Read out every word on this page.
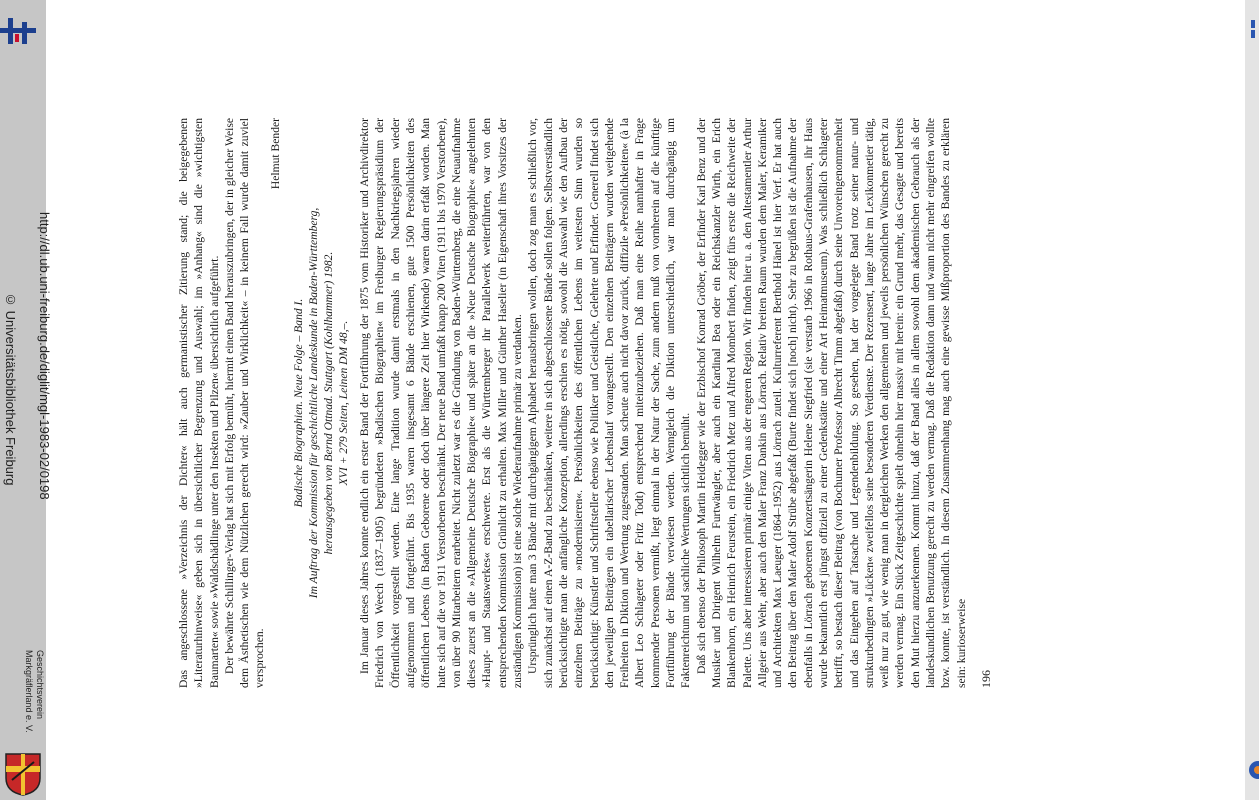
http://dl.ub.uni-freiburg.de/diglit/mgl-1983-02/0198
© Universitätsbibliothek Freiburg
Geschichtsverein Markgräflerland e. V.

Das angeschlossene »Verzeichnis der Dichter« hält auch germanistischer Zitierung stand; die beigegebenen »Literaturhinweise« geben sich in übersichtlicher Begrenzung und Auswahl; im »Anhang« sind die »wichtigsten Baumarten« sowie »Waldschädlinge unter den Insekten und Pilzen« übersichtlich aufgeführt. Der bewährte Schillinger-Verlag hat sich mit Erfolg bemüht, hiermit einen Band herauszubringen, der in gleicher Weise dem Ästhetischen wie dem Nützlichen gerecht wird: »Zauber und Wirklichkeit« – in keinem Fall wurde damit zuviel versprochen.

Helmut Bender
Badische Biographien. Neue Folge – Band I. Im Auftrag der Kommission für geschichtliche Landeskunde in Baden-Württemberg, herausgegeben von Bernd Ottnad. Stuttgart (Kohlhammer) 1982. XVI + 279 Seiten, Leinen DM 48,–. Im Januar dieses Jahres konnte endlich ein erster Band der Fortführung der 1875 vom Historiker und Archivdirektor Friedrich von Weech (1837–1905) begründeten »Badischen Biographien« im Freiburger Regierungspräsidium der Öffentlichkeit vorgestellt werden. Eine lange Tradition wurde damit erstmals in den Nachkriegsjahren wieder aufgenommen und fortgeführt. Bis 1935 waren insgesamt 6 Bände erschienen, gute 1500 Persönlichkeiten des öffentlichen Lebens (in Baden Geborene oder doch über längere Zeit hier Wirkende) waren darin erfaßt worden. Man hatte sich auf die vor 1911 Verstorbenen beschränkt. Der neue Band umfaßt knapp 200 Viten (1911 bis 1970 Verstorbene), von über 90 Mitarbeitern erarbeitet. Nicht zuletzt war es die Gründung von Baden-Württemberg, die eine Neuaufnahme dieses zuerst an die »Allgemeine Deutsche Biographie« und später an die »Neue Deutsche Biographie« angelehnten »Haupt- und Staatswerkes« erschwerte. Erst als die Württemberger ihr Parallelwerk weiterführten, war von den entsprechenden Kommission Grünlicht zu erhalten. Max Miller und Günther Haselier (in Eigenschaft ihres Vorsitzes der zuständigen Kommission) ist eine solche Wiederaufnahme primär zu verdanken. Ursprünglich hatte man 3 Bände mit durchgängigem Alphabet herausbringen wollen, doch zog man es schließlich vor, sich zunächst auf einen A-Z-Band zu beschränken, weitere in sich abgeschlossene Bände sollen folgen. Selbstverständlich berücksichtigte man die anfängliche Konzeption, allerdings erschien es nötig, sowohl die Auswahl wie den Aufbau der einzelnen Beiträge zu »modernisieren«. Persönlichkeiten des öffentlichen Lebens im weitesten Sinn wurden so berücksichtigt: Künstler und Schriftsteller ebenso wie Politiker und Geistliche, Gelehrte und Erfinder. Generell findet sich den jeweiligen Beiträgen ein tabellarischer Lebenslauf vorangestellt. Den einzelnen Beiträgern wurden weitgehende Freiheiten in Diktion und Wertung zugestanden. Man scheute auch nicht davor zurück, diffizile »Persönlichkeiten« (à la Albert Leo Schlageter oder Fritz Todt) entsprechend miteinzubeziehen. Daß man eine Reihe namhafter in Frage kommender Personen vermißt, liegt einmal in der Natur der Sache, zum andern muß von vornherein auf die künftige Fortführung der Bände verwiesen werden. Wenngleich die Diktion unterschiedlich, war man durchgängig um Faktenreichtum und sachliche Wertungen sichtlich bemüht. Daß sich ebenso der Philosoph Martin Heidegger wie der Erzbischof Konrad Gröber, der Erfinder Karl Benz und der Musiker und Dirigent Wilhelm Furtwängler, aber auch ein Kardinal Bea oder ein Reichskanzler Wirth, ein Erich Blankenhorn, ein Heinrich Feurstein, ein Friedrich Metz und Alfred Mombert finden, zeigt fürs erste die Reichweite der Palette. Uns aber interessieren primär einige Viten aus der engeren Region. Wir finden hier u. a. den Altestamentler Arthur Allgeier aus Wehr, aber auch den Maler Franz Dankin aus Lörrach. Relativ breiten Raum wurden dem Maler, Keramiker und Architekten Max Laeuger (1864–1952) aus Lörrach zuteil. Kulturreferent Berthold Hänel ist hier Verf. Er hat auch den Beitrag über den Maler Adolf Strübe abgefaßt (Burte findet sich [noch] nicht). Sehr zu begrüßen ist die Aufnahme der ebenfalls in Lörrach geborenen Konzertsängerin Helene Siegfried (sie verstarb 1966 in Rothaus-Grafenhausen, ihr Haus wurde bekanntlich erst jüngst offiziell zu einer Gedenkstätte und einer Art Heimatmuseum). Was schließlich Schlageter betrifft, so bestach dieser Beitrag (von Bochumer Professor Albrecht Timm abgefaßt) durch seine Unvoreingenommenheit und das Eingehen auf Tatsache und Legendenbildung. So gesehen, hat der vorgelegte Band trotz seiner natur- und strukturbedingten »Lücken« zweifellos seine besonderen Verdienste. Der Rezensent, lange Jahre im Lexikonmetier tätig, weiß nur zu gut, wie wenig man in dergleichen Werken den allgemeinen und jeweils persönlichen Wünschen gerecht zu werden vermag. Ein Stück Zeitgeschichte spielt ohnehin hier massiv mit herein: ein Grund mehr, das Gesagte und bereits den Mut hierzu anzuerkennen. Kommt hinzu, daß der Band alles in allem sowohl dem akademischen Gebrauch als der landeskundlichen Benutzung gerecht zu werden vermag. Daß die Redaktion dann und wann nicht mehr eingreifen wollte bzw. konnte, ist verständlich. In diesem Zusammenhang mag auch eine gewisse Mißproportion des Bandes zu erklären sein: kurioserweise 196
